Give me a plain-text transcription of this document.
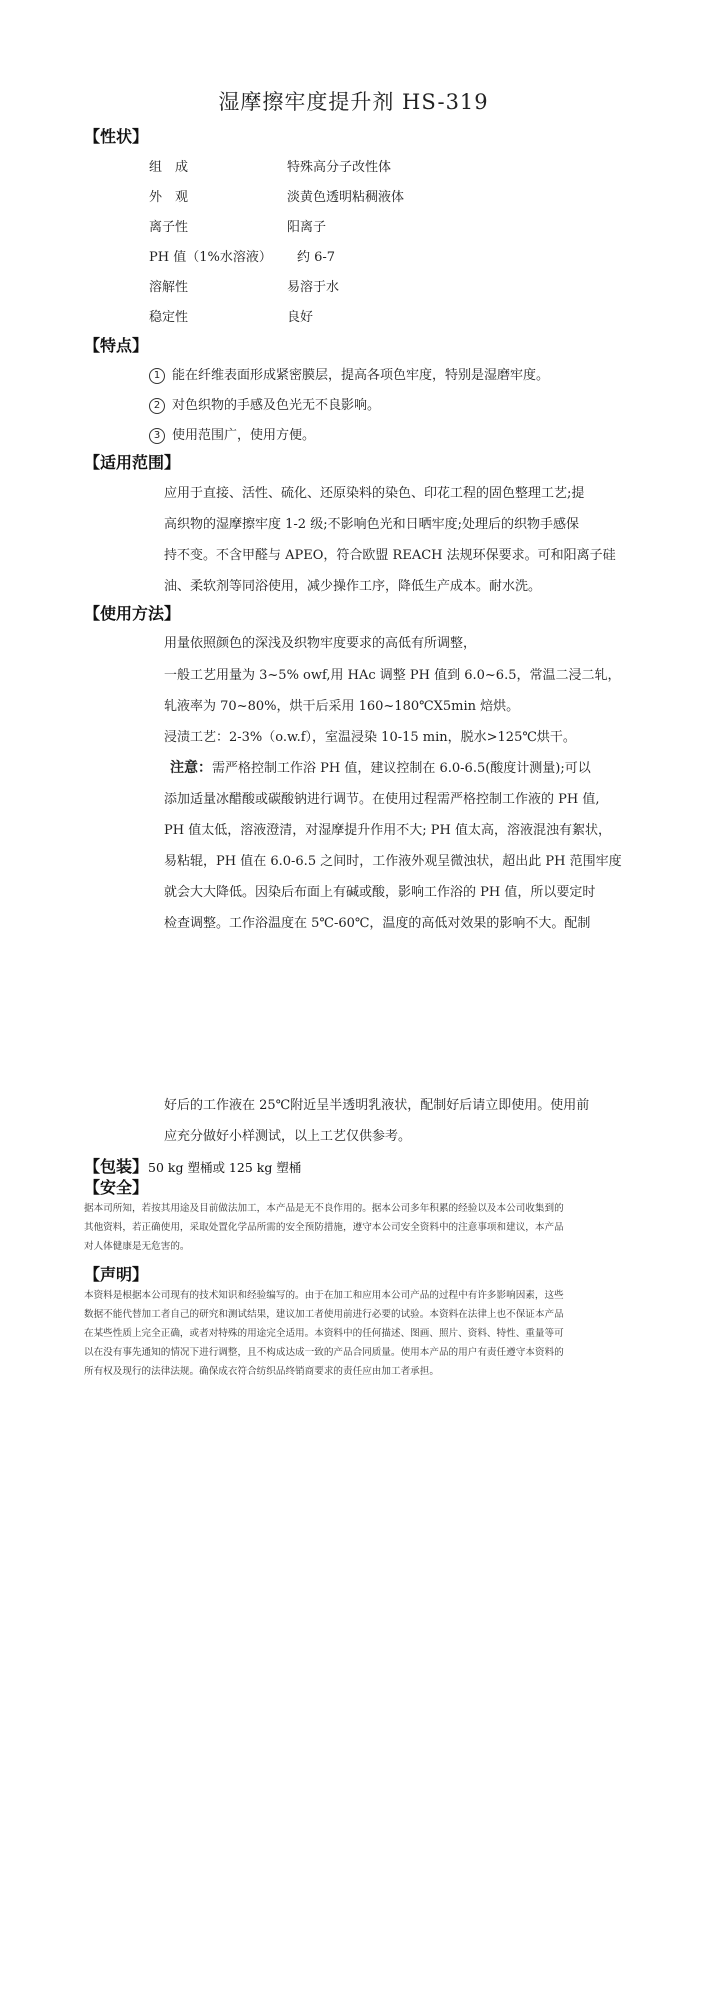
湿摩擦牢度提升剂 HS-319
【性状】
组　成	特殊高分子改性体
外　观	淡黄色透明粘稠液体
离子性	阳离子
PH 值（1%水溶液） 约 6-7
溶解性	易溶于水
稳定性	良好
【特点】
1 能在纤维表面形成紧密膜层，提高各项色牢度，特别是湿磨牢度。
2 对色织物的手感及色光无不良影响。
3 使用范围广，使用方便。
【适用范围】
应用于直接、活性、硫化、还原染料的染色、印花工程的固色整理工艺;提
高织物的湿摩擦牢度 1-2 级;不影响色光和日晒牢度;处理后的织物手感保
持不变。不含甲醛与 APEO，符合欧盟 REACH 法规环保要求。可和阳离子硅
油、柔软剂等同浴使用，减少操作工序，降低生产成本。耐水洗。
【使用方法】
用量依照颜色的深浅及织物牢度要求的高低有所调整，
一般工艺用量为 3~5% owf,用 HAc 调整 PH 值到 6.0~6.5，常温二浸二轧，
轧液率为 70~80%，烘干后采用 160~180℃X5min 焙烘。
浸渍工艺：2-3%（o.w.f），室温浸染 10-15 min，脱水>125℃烘干。
注意：需严格控制工作浴 PH 值，建议控制在 6.0-6.5(酸度计测量);可以
添加适量冰醋酸或碳酸钠进行调节。在使用过程需严格控制工作液的 PH 值,
PH 值太低，溶液澄清，对湿摩提升作用不大; PH 值太高，溶液混浊有絮状，
易粘辊，PH 值在 6.0-6.5 之间时，工作液外观呈微浊状，超出此 PH 范围牢度
就会大大降低。因染后布面上有碱或酸，影响工作浴的 PH 值，所以要定时
检查调整。工作浴温度在 5℃-60℃，温度的高低对效果的影响不大。配制
好后的工作液在 25℃附近呈半透明乳液状，配制好后请立即使用。使用前
应充分做好小样测试，以上工艺仅供参考。
【包装】50 kg 塑桶或 125 kg 塑桶
【安全】
据本司所知，若按其用途及目前做法加工，本产品是无不良作用的。据本公司多年积累的经验以及本公司收集到的
其他资料，若正确使用，采取处置化学品所需的安全预防措施，遵守本公司安全资料中的注意事项和建议，本产品
对人体健康是无危害的。
【声明】
本资料是根据本公司现有的技术知识和经验编写的。由于在加工和应用本公司产品的过程中有许多影响因素，这些
数据不能代替加工者自己的研究和测试结果，建议加工者使用前进行必要的试验。本资料在法律上也不保证本产品
在某些性质上完全正确，或者对特殊的用途完全适用。本资料中的任何描述、图画、照片、资料、特性、重量等可
以在没有事先通知的情况下进行调整，且不构成达成一致的产品合同质量。使用本产品的用户有责任遵守本资料的
所有权及现行的法律法规。确保成衣符合纺织品终销商要求的责任应由加工者承担。
